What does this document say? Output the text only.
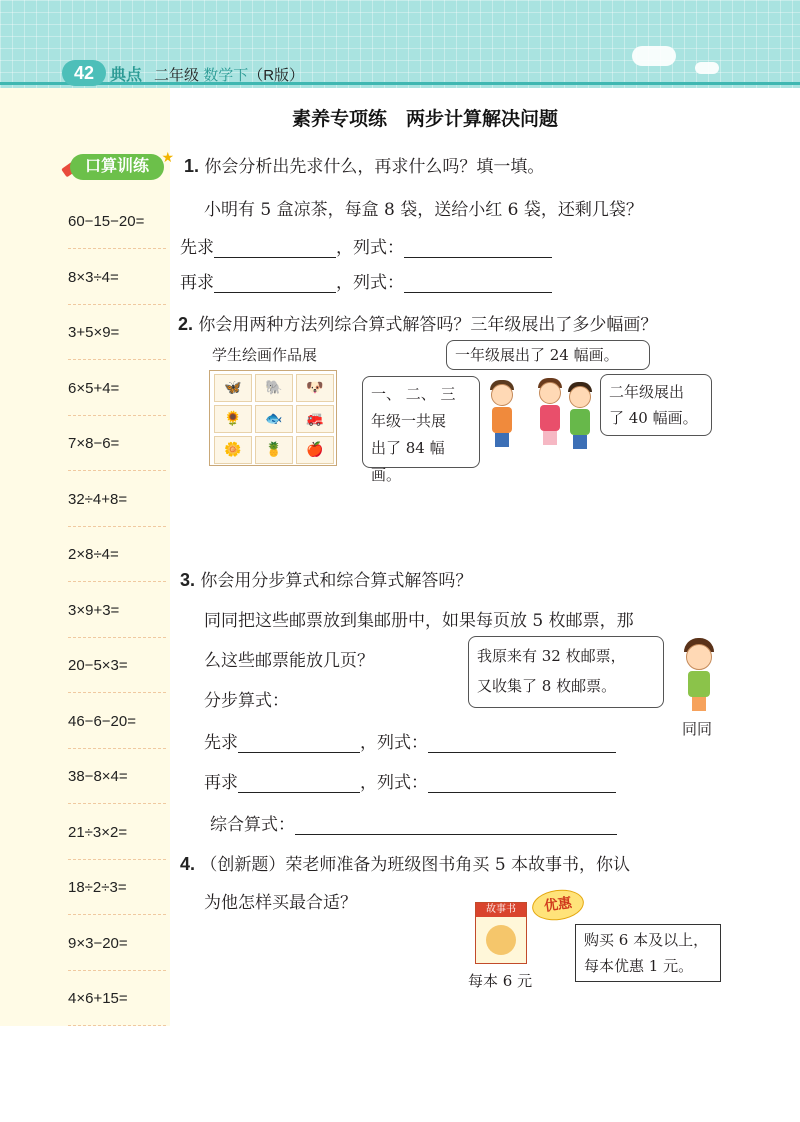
42 典点 二年级 数学下（R版）
口算训练 ★
60−15−20=
8×3÷4=
3+5×9=
6×5+4=
7×8−6=
32÷4+8=
2×8÷4=
3×9+3=
20−5×3=
46−6−20=
38−8×4=
21÷3×2=
18÷2÷3=
9×3−20=
4×6+15=
素养专项练　两步计算解决问题
1. 你会分析出先求什么，再求什么吗？填一填。
小明有 5 盒凉茶，每盒 8 袋，送给小红 6 袋，还剩几袋？
先求	，列式：
再求	，列式：
2. 你会用两种方法列综合算式解答吗？三年级展出了多少幅画？
学生绘画作品展
🦋	🐘	🐶
🌻	🐟	🚒
🌼	🍍	🍎
一年级展出了 24 幅画。
一、 二、 三
年级一共展
出了 84 幅画。
二年级展出
了 40 幅画。
3. 你会用分步算式和综合算式解答吗？
同同把这些邮票放到集邮册中，如果每页放 5 枚邮票，那
么这些邮票能放几页？	我原来有 32 枚邮票，
又收集了 8 枚邮票。
同同
分步算式：
先求	，列式：
再求	，列式：
综合算式：
4. （创新题）荣老师准备为班级图书角买 5 本故事书，你认
为他怎样买最合适？	故事书	优惠
每本 6 元
购买 6 本及以上，
每本优惠 1 元。
